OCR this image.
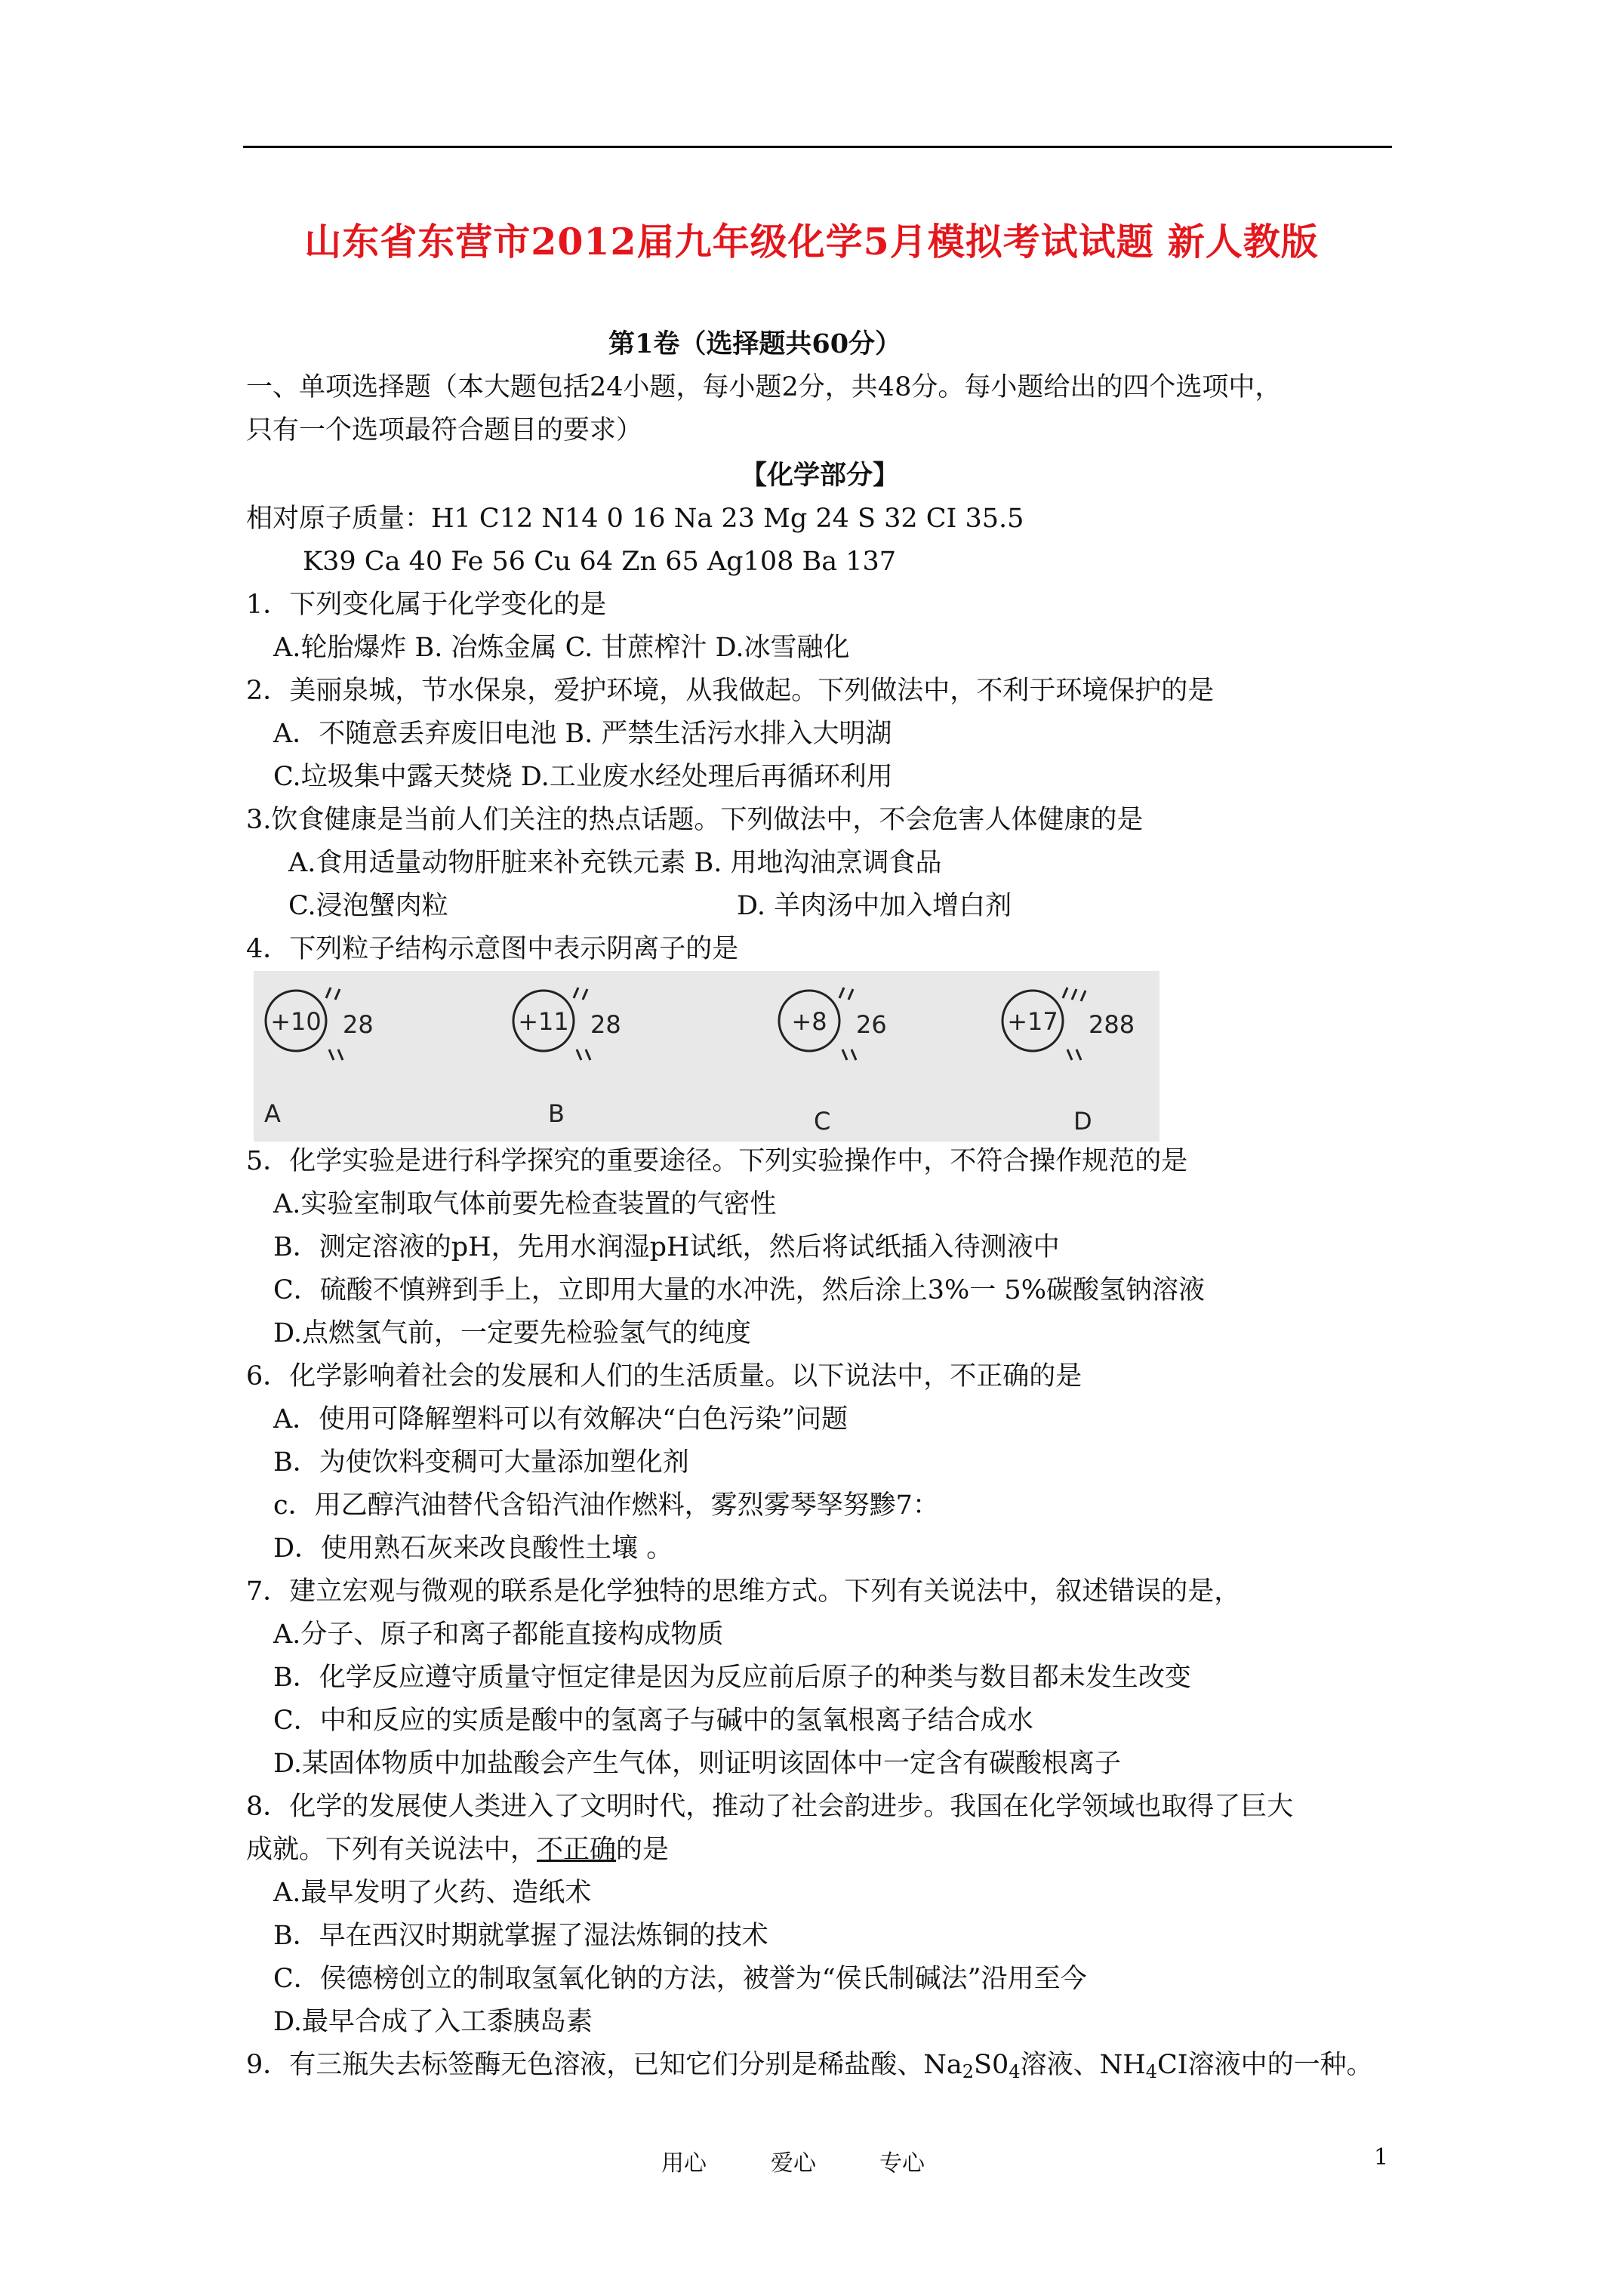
山东省东营市2012届九年级化学5月模拟考试试题 新人教版
第1卷（选择题共60分）
一、单项选择题（本大题包括24小题，每小题2分，共48分。每小题给出的四个选项中，
只有一个选项最符合题目的要求）
【化学部分】
相对原子质量：H1 C12 N14 0 16 Na 23 Mg 24 S 32 CI 35.5
K39 Ca 40 Fe 56 Cu 64 Zn 65 Ag108 Ba 137
1．下列变化属于化学变化的是
A.轮胎爆炸 B. 冶炼金属 C. 甘蔗榨汁 D.冰雪融化
2．美丽泉城，节水保泉，爱护环境，从我做起。下列做法中，不利于环境保护的是
A．不随意丢弃废旧电池 B. 严禁生活污水排入大明湖
C.垃圾集中露天焚烧 D.工业废水经处理后再循环利用
3.饮食健康是当前人们关注的热点话题。下列做法中，不会危害人体健康的是
A.食用适量动物肝脏来补充铁元素 B. 用地沟油烹调食品
C.浸泡蟹肉粒	D. 羊肉汤中加入增白剂
4．下列粒子结构示意图中表示阴离子的是
+10 28
A
+11 28
B
+8 26
C
+17 288
D
5．化学实验是进行科学探究的重要途径。下列实验操作中，不符合操作规范的是
A.实验室制取气体前要先检查装置的气密性
B．测定溶液的pH，先用水润湿pH试纸，然后将试纸插入待测液中
C．硫酸不慎辨到手上，立即用大量的水冲洗，然后涂上3%一 5%碳酸氢钠溶液
D.点燃氢气前，一定要先检验氢气的纯度
6．化学影响着社会的发展和人们的生活质量。以下说法中，不正确的是
A．使用可降解塑料可以有效解决“白色污染”问题
B．为使饮料变稠可大量添加塑化剂
c．用乙醇汽油替代含铅汽油作燃料，雾烈雾琴孥努黪7：
D．使用熟石灰来改良酸性土壤 。
7．建立宏观与微观的联系是化学独特的思维方式。下列有关说法中，叙述错误的是，
A.分子、原子和离子都能直接构成物质
B．化学反应遵守质量守恒定律是因为反应前后原子的种类与数目都未发生改变
C．中和反应的实质是酸中的氢离子与碱中的氢氧根离子结合成水
D.某固体物质中加盐酸会产生气体，则证明该固体中一定含有碳酸根离子
8．化学的发展使人类进入了文明时代，推动了社会韵进步。我国在化学领域也取得了巨大
成就。下列有关说法中，不正确的是
A.最早发明了火药、造纸术
B．早在西汉时期就掌握了湿法炼铜的技术
C．侯德榜创立的制取氢氧化钠的方法，被誉为“侯氏制碱法”沿用至今
D.最早合成了入工黍胰岛素
9．有三瓶失去标签酶无色溶液，已知它们分别是稀盐酸、$Na_2S0_4$溶液、$NH_4CI$溶液中的一种。
用心	爱心	专心	1
